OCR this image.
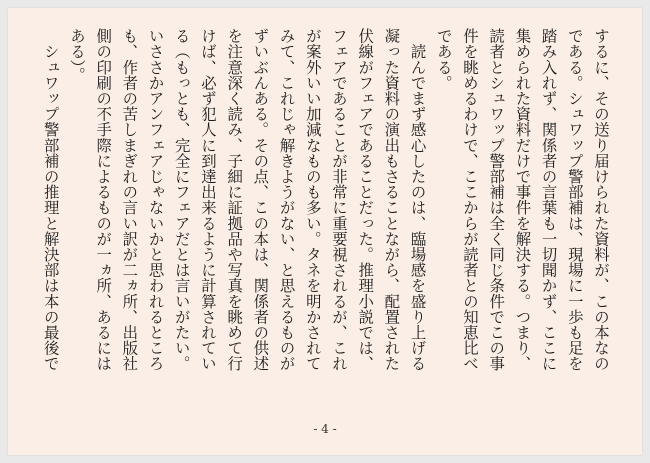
するに、その送り届けられた資料が、この本なの
である。シュワップ警部補は、現場に一歩も足を
踏み入れず、関係者の言葉も一切聞かず、ここに
集められた資料だけで事件を解決する。つまり、
読者とシュワップ警部補は全く同じ条件でこの事
件を眺めるわけで、ここからが読者との知恵比べ
である。
　読んでまず感心したのは、臨場感を盛り上げる
凝った資料の演出もさることながら、配置された
伏線がフェアであることだった。推理小説では、
フェアであることが非常に重要視されるが、これ
が案外いい加減なものも多い。タネを明かされて
みて、これじゃ解きようがない、と思えるものが
ずいぶんある。その点、この本は、関係者の供述
を注意深く読み、子細に証拠品や写真を眺めて行
けば、必ず犯人に到達出来るように計算されてい
る（もっとも、完全にフェアだとは言いがたい。
いささかアンフェアじゃないかと思われるところ
も、作者の苦しまぎれの言い訳が二ヵ所、出版社
側の印刷の不手際によるものが一ヵ所、あるには
ある）。
　シュワップ警部補の推理と解決部は本の最後で
- 4 -
